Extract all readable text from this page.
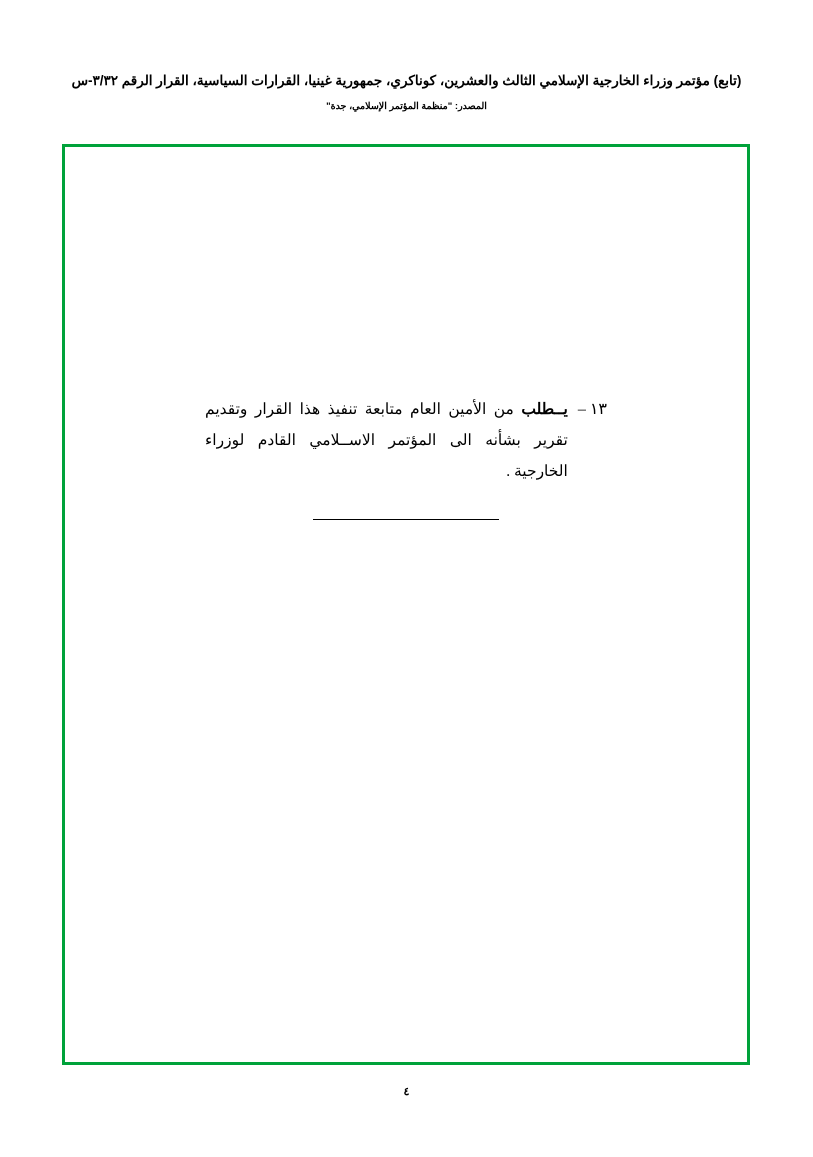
(تابع) مؤتمر وزراء الخارجية الإسلامي الثالث والعشرين، كوناكري، جمهورية غينيا، القرارات السياسية، القرار الرقم ٢٣/٣-س
المصدر: "منظمة المؤتمر الإسلامي، جدة"
١٣ –
يــطلب من الأمين العام متابعة تنفيذ هذا القرار وتقديم تقرير بشأنه الى المؤتمر الاســلامي القادم لوزراء الخارجية .
٤
